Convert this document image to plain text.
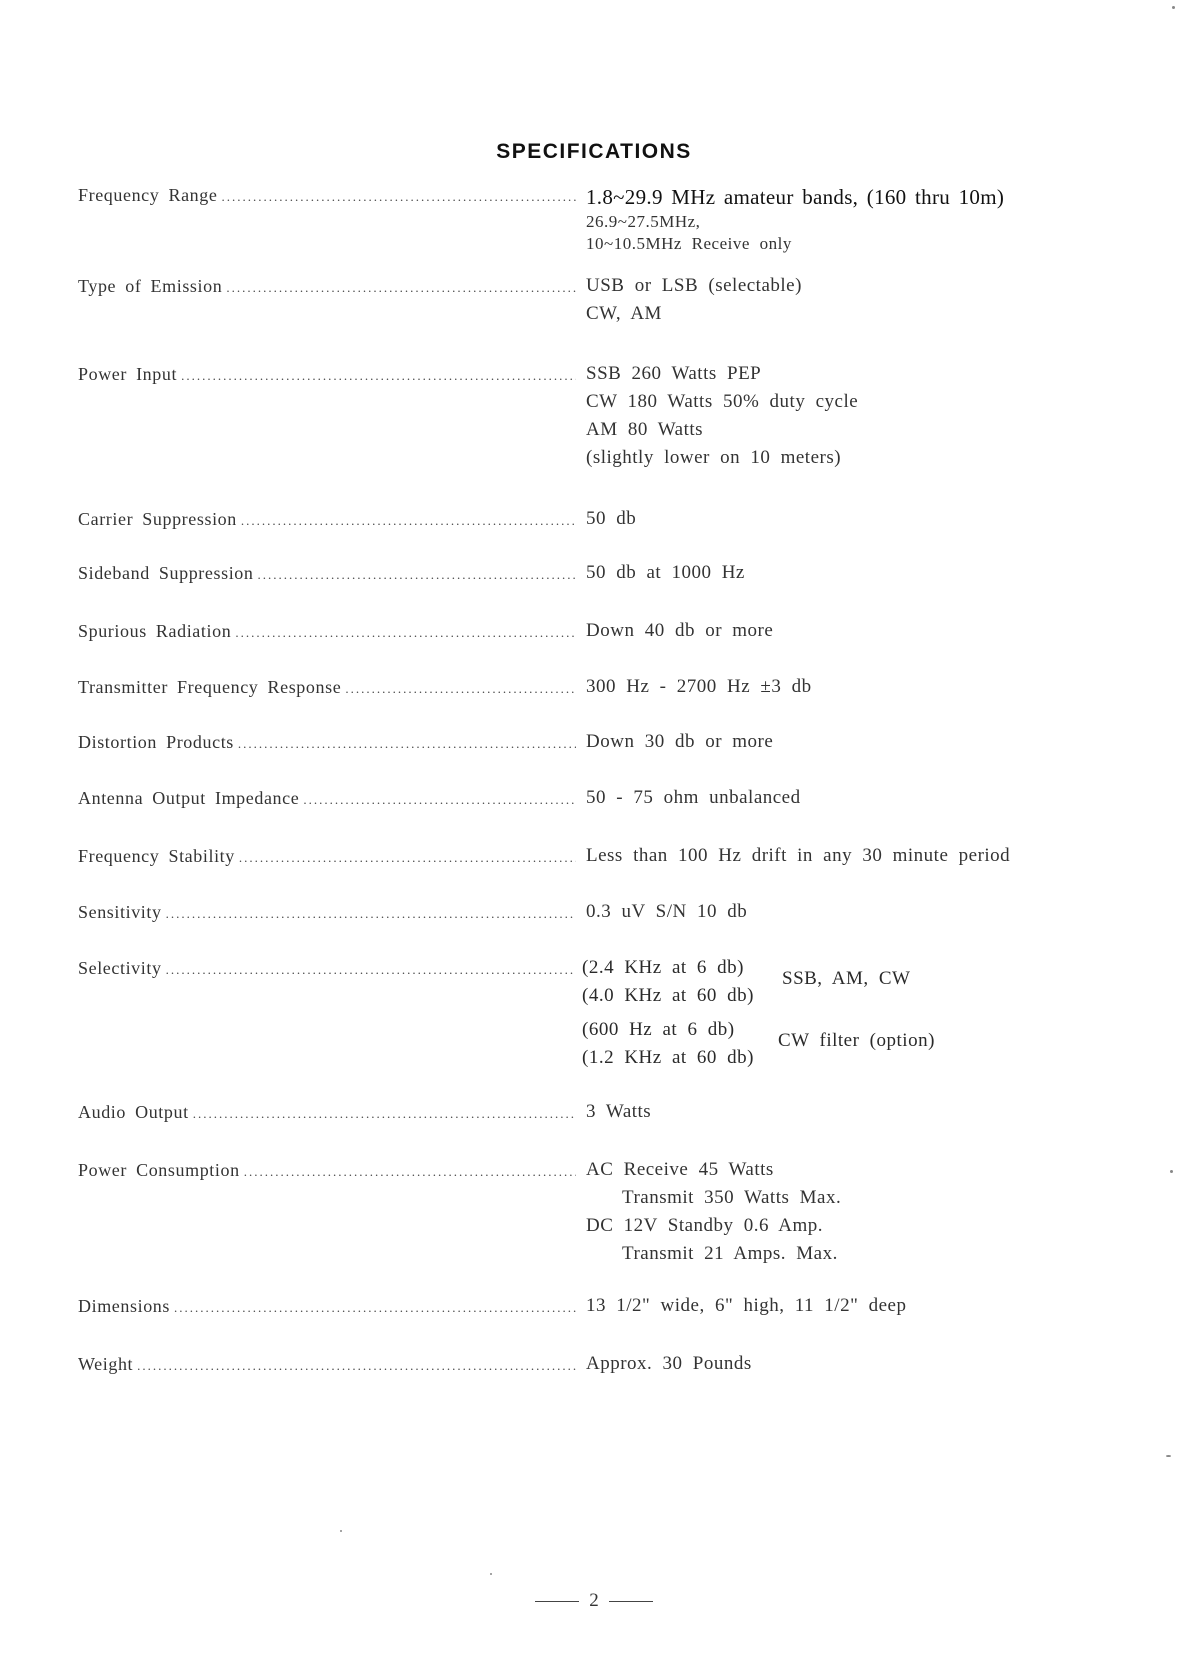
SPECIFICATIONS
Frequency Range .....	1.8~29.9 MHz amateur bands, (160 thru 10m)
26.9~27.5MHz,
10~10.5MHz Receive only
Type of Emission .....	USB or LSB (selectable)
CW, AM
Power Input .....	SSB 260 Watts PEP
CW 180 Watts 50% duty cycle
AM 80 Watts
(slightly lower on 10 meters)
Carrier Suppression .....	50 db
Sideband Suppression .....	50 db at 1000 Hz
Spurious Radiation .....	Down 40 db or more
Transmitter Frequency Response .....	300 Hz - 2700 Hz ±3 db
Distortion Products .....	Down 30 db or more
Antenna Output Impedance .....	50 - 75 ohm unbalanced
Frequency Stability .....	Less than 100 Hz drift in any 30 minute period
Sensitivity .....	0.3 uV S/N 10 db
Selectivity .....	(2.4 KHz at 6 db)
(4.0 KHz at 60 db)
SSB, AM, CW
(600 Hz at 6 db)
(1.2 KHz at 60 db)
CW filter (option)
Audio Output .....	3 Watts
Power Consumption .....	AC Receive 45 Watts
Transmit 350 Watts Max.
DC 12V Standby 0.6 Amp.
Transmit 21 Amps. Max.
Dimensions .....	13 1/2" wide, 6" high, 11 1/2" deep
Weight .....	Approx. 30 Pounds
2
